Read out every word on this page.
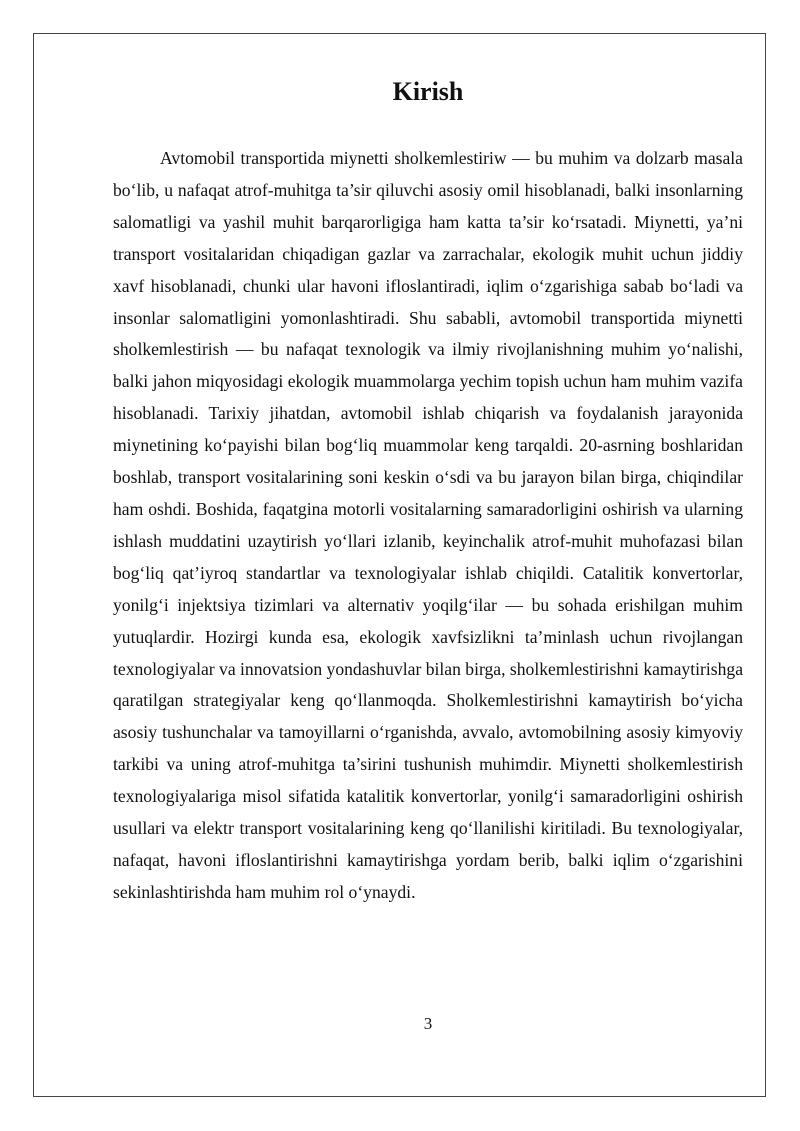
Kirish

Avtomobil transportida miynetti sholkemlestiriw — bu muhim va dolzarb masala bo‘lib, u nafaqat atrof-muhitga ta’sir qiluvchi asosiy omil hisoblanadi, balki insonlarning salomatligi va yashil muhit barqarorligiga ham katta ta’sir ko‘rsatadi. Miynetti, ya’ni transport vositalaridan chiqadigan gazlar va zarrachalar, ekologik muhit uchun jiddiy xavf hisoblanadi, chunki ular havoni ifloslantiradi, iqlim o‘zgarishiga sabab bo‘ladi va insonlar salomatligini yomonlashtiradi. Shu sababli, avtomobil transportida miynetti sholkemlestirish — bu nafaqat texnologik va ilmiy rivojlanishning muhim yo‘nalishi, balki jahon miqyosidagi ekologik muammolarga yechim topish uchun ham muhim vazifa hisoblanadi. Tarixiy jihatdan, avtomobil ishlab chiqarish va foydalanish jarayonida miynetining ko‘payishi bilan bog‘liq muammolar keng tarqaldi. 20-asrning boshlaridan boshlab, transport vositalarining soni keskin o‘sdi va bu jarayon bilan birga, chiqindilar ham oshdi. Boshida, faqatgina motorli vositalarning samaradorligini oshirish va ularning ishlash muddatini uzaytirish yo‘llari izlanib, keyinchalik atrof-muhit muhofazasi bilan bog‘liq qat’iyroq standartlar va texnologiyalar ishlab chiqildi. Catalitik konvertorlar, yonilg‘i injektsiya tizimlari va alternativ yoqilg‘ilar — bu sohada erishilgan muhim yutuqlardir. Hozirgi kunda esa, ekologik xavfsizlikni ta’minlash uchun rivojlangan texnologiyalar va innovatsion yondashuvlar bilan birga, sholkemlestirishni kamaytirishga qaratilgan strategiyalar keng qo‘llanmoqda. Sholkemlestirishni kamaytirish bo‘yicha asosiy tushunchalar va tamoyillarni o‘rganishda, avvalo, avtomobilning asosiy kimyoviy tarkibi va uning atrof-muhitga ta’sirini tushunish muhimdir. Miynetti sholkemlestirish texnologiyalariga misol sifatida katalitik konvertorlar, yonilg‘i samaradorligini oshirish usullari va elektr transport vositalarining keng qo‘llanilishi kiritiladi. Bu texnologiyalar, nafaqat, havoni ifloslantirishni kamaytirishga yordam berib, balki iqlim o‘zgarishini sekinlashtirishda ham muhim rol o‘ynaydi.

3
